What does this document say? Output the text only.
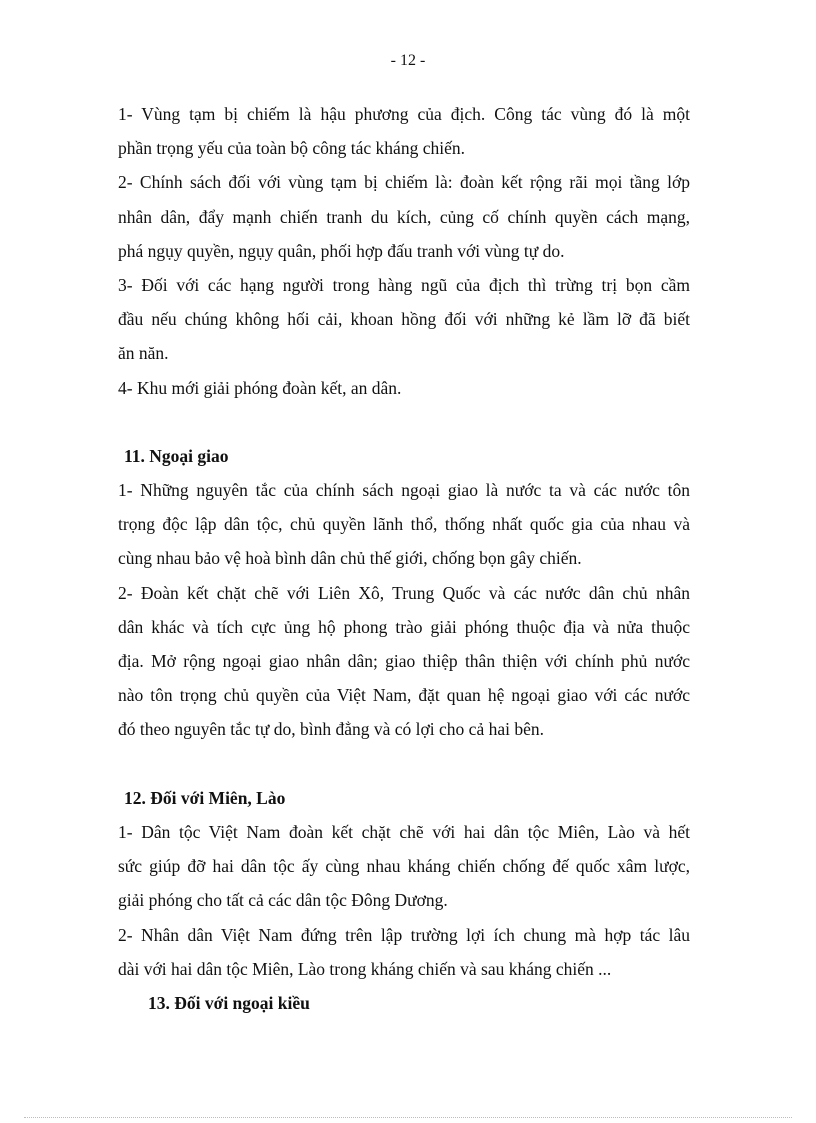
- 12 -
1- Vùng tạm bị chiếm là hậu phương của địch. Công tác vùng đó là một
phần trọng yếu của toàn bộ công tác kháng chiến.
2- Chính sách đối với vùng tạm bị chiếm là: đoàn kết rộng rãi mọi tầng lớp
nhân dân, đẩy mạnh chiến tranh du kích, củng cố chính quyền cách mạng,
phá ngụy quyền, ngụy quân, phối hợp đấu tranh với vùng tự do.
3- Đối với các hạng người trong hàng ngũ của địch thì trừng trị bọn cầm
đầu nếu chúng không hối cải, khoan hồng đối với những kẻ lầm lỡ đã biết
ăn năn.
4- Khu mới giải phóng đoàn kết, an dân.
11. Ngoại giao
1- Những nguyên tắc của chính sách ngoại giao là nước ta và các nước tôn
trọng độc lập dân tộc, chủ quyền lãnh thổ, thống nhất quốc gia của nhau và
cùng nhau bảo vệ hoà bình dân chủ thế giới, chống bọn gây chiến.
2- Đoàn kết chặt chẽ với Liên Xô, Trung Quốc và các nước dân chủ nhân
dân khác và tích cực ủng hộ phong trào giải phóng thuộc địa và nửa thuộc
địa. Mở rộng ngoại giao nhân dân; giao thiệp thân thiện với chính phủ nước
nào tôn trọng chủ quyền của Việt Nam, đặt quan hệ ngoại giao với các nước
đó theo nguyên tắc tự do, bình đẳng và có lợi cho cả hai bên.
12. Đối với Miên, Lào
1- Dân tộc Việt Nam đoàn kết chặt chẽ với hai dân tộc Miên, Lào và hết
sức giúp đỡ hai dân tộc ấy cùng nhau kháng chiến chống đế quốc xâm lược,
giải phóng cho tất cả các dân tộc Đông Dương.
2- Nhân dân Việt Nam đứng trên lập trường lợi ích chung mà hợp tác lâu
dài với hai dân tộc Miên, Lào trong kháng chiến và sau kháng chiến ...
13. Đối với ngoại kiều
